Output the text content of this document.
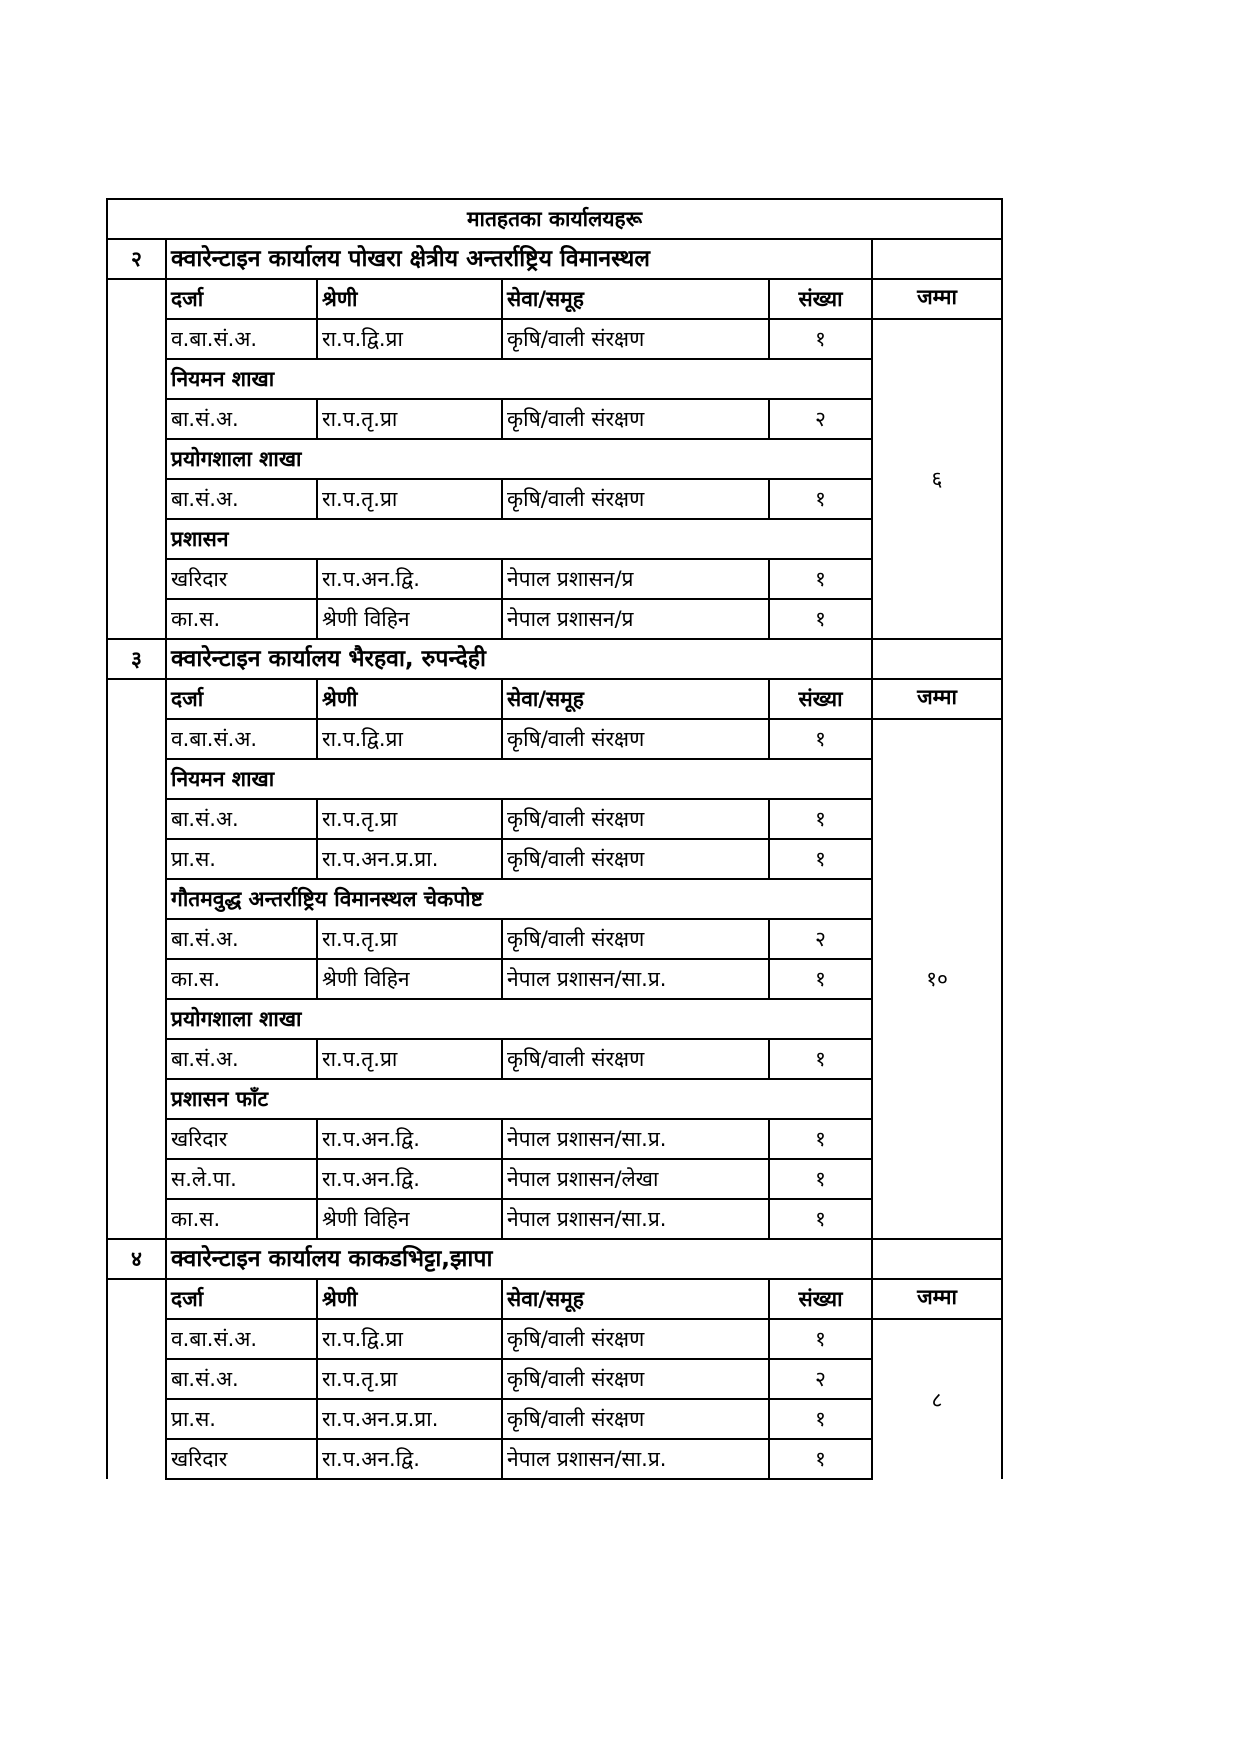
मातहतका कार्यालयहरू					
२	क्वारेन्टाइन कार्यालय पोखरा क्षेत्रीय अन्तर्राष्ट्रिय विमानस्थल				
	दर्जा	श्रेणी	सेवा/समूह	संख्या	जम्मा
	व.बा.सं.अ.	रा.प.द्वि.प्रा	कृषि/वाली संरक्षण	१	६
	नियमन शाखा				
	बा.सं.अ.	रा.प.तृ.प्रा	कृषि/वाली संरक्षण	२	
	प्रयोगशाला शाखा				
	बा.सं.अ.	रा.प.तृ.प्रा	कृषि/वाली संरक्षण	१	
	प्रशासन				
	खरिदार	रा.प.अन.द्वि.	नेपाल प्रशासन/प्र	१	
	का.स.	श्रेणी विहिन	नेपाल प्रशासन/प्र	१	
३	क्वारेन्टाइन कार्यालय भैरहवा, रुपन्देही				
	दर्जा	श्रेणी	सेवा/समूह	संख्या	जम्मा
	व.बा.सं.अ.	रा.प.द्वि.प्रा	कृषि/वाली संरक्षण	१	१०
	नियमन शाखा				
	बा.सं.अ.	रा.प.तृ.प्रा	कृषि/वाली संरक्षण	१	
	प्रा.स.	रा.प.अन.प्र.प्रा.	कृषि/वाली संरक्षण	१	
	गौतमवुद्ध अन्तर्राष्ट्रिय विमानस्थल चेकपोष्ट				
	बा.सं.अ.	रा.प.तृ.प्रा	कृषि/वाली संरक्षण	२	
	का.स.	श्रेणी विहिन	नेपाल प्रशासन/सा.प्र.	१	
	प्रयोगशाला शाखा				
	बा.सं.अ.	रा.प.तृ.प्रा	कृषि/वाली संरक्षण	१	
	प्रशासन फाँट				
	खरिदार	रा.प.अन.द्वि.	नेपाल प्रशासन/सा.प्र.	१	
	स.ले.पा.	रा.प.अन.द्वि.	नेपाल प्रशासन/लेखा	१	
	का.स.	श्रेणी विहिन	नेपाल प्रशासन/सा.प्र.	१	
४	क्वारेन्टाइन कार्यालय काकडभिट्टा,झापा				
	दर्जा	श्रेणी	सेवा/समूह	संख्या	जम्मा
	व.बा.सं.अ.	रा.प.द्वि.प्रा	कृषि/वाली संरक्षण	१	८
	बा.सं.अ.	रा.प.तृ.प्रा	कृषि/वाली संरक्षण	२	
	प्रा.स.	रा.प.अन.प्र.प्रा.	कृषि/वाली संरक्षण	१	
	खरिदार	रा.प.अन.द्वि.	नेपाल प्रशासन/सा.प्र.	१	
